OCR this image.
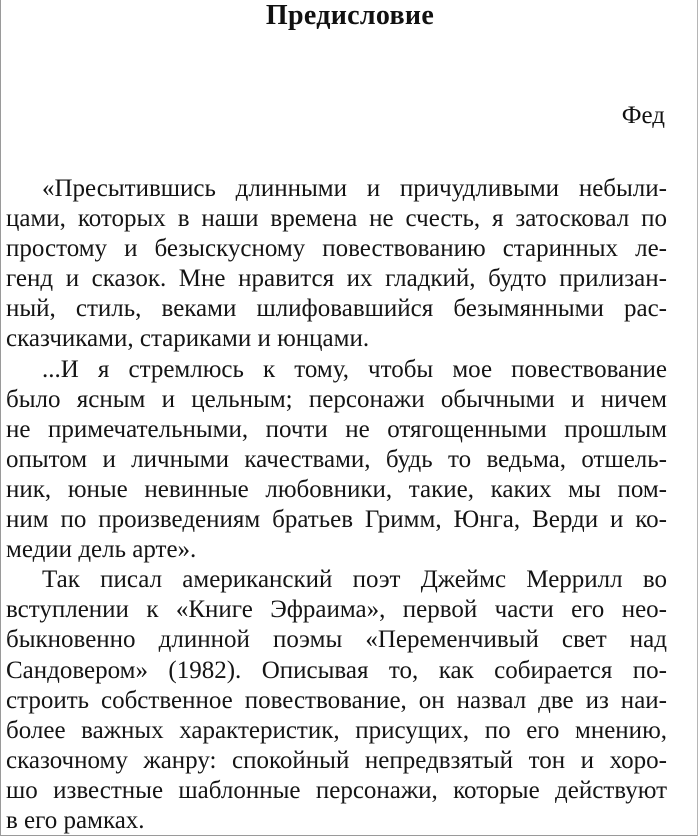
Предисловие
Фед

«Пресытившись длинными и причудливыми небыли-
цами, которых в наши времена не счесть, я затосковал по
простому и безыскусному повествованию старинных ле-
генд и сказок. Мне нравится их гладкий, будто прилизан-
ный, стиль, веками шлифовавшийся безымянными рас-
сказчиками, стариками и юнцами.

...И я стремлюсь к тому, чтобы мое повествование
было ясным и цельным; персонажи обычными и ничем
не примечательными, почти не отягощенными прошлым
опытом и личными качествами, будь то ведьма, отшель-
ник, юные невинные любовники, такие, каких мы пом-
ним по произведениям братьев Гримм, Юнга, Верди и ко-
медии дель арте».

Так писал американский поэт Джеймс Меррилл во
вступлении к «Книге Эфраима», первой части его нео-
быкновенно длинной поэмы «Переменчивый свет над
Сандовером» (1982). Описывая то, как собирается по-
строить собственное повествование, он назвал две из наи-
более важных характеристик, присущих, по его мнению,
сказочному жанру: спокойный непредвзятый тон и хоро-
шо известные шаблонные персонажи, которые действуют
в его рамках.
